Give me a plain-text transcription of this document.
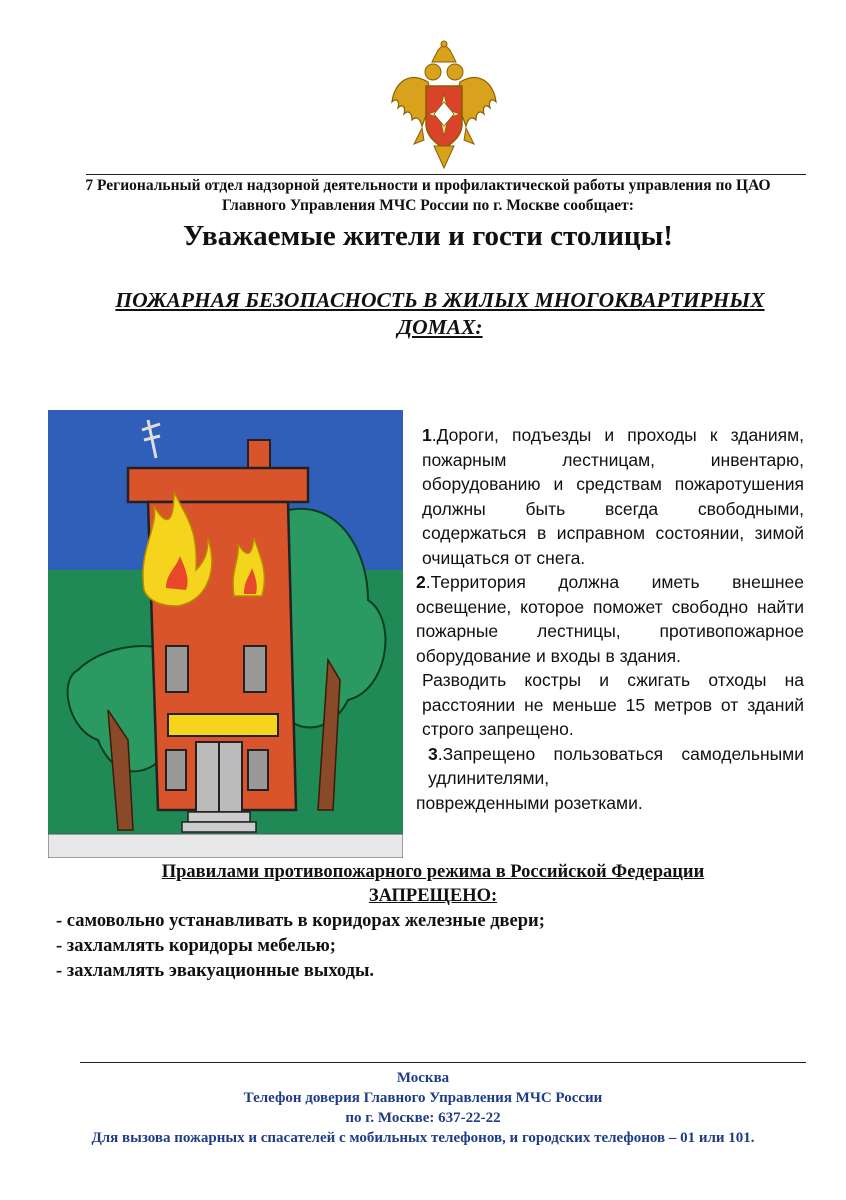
7 Региональный отдел надзорной деятельности и профилактической работы управления по ЦАО Главного Управления МЧС России по г. Москве сообщает:
Уважаемые жители и гости столицы!
ПОЖАРНАЯ БЕЗОПАСНОСТЬ В ЖИЛЫХ МНОГОКВАРТИРНЫХ ДОМАХ:

1.Дороги, подъезды и проходы к зданиям, пожарным лестницам, инвентарю, оборудованию и средствам пожаротушения должны быть всегда свободными, содержаться в исправном состоянии, зимой очищаться от снега.

2.Территория должна иметь внешнее освещение, которое поможет свободно найти пожарные лестницы, противопожарное оборудование и входы в здания.

Разводить костры и сжигать отходы на расстоянии не меньше 15 метров от зданий строго запрещено.

3.Запрещено пользоваться самодельными удлинителями,

поврежденными розетками.

Правилами противопожарного режима в Российской Федерации
ЗАПРЕЩЕНО:
- самовольно устанавливать в коридорах железные двери;
- захламлять коридоры мебелью;
- захламлять эвакуационные выходы.
Москва
Телефон доверия Главного Управления МЧС России
по г. Москве: 637-22-22
Для вызова пожарных и спасателей с мобильных телефонов, и городских телефонов – 01 или 101.
